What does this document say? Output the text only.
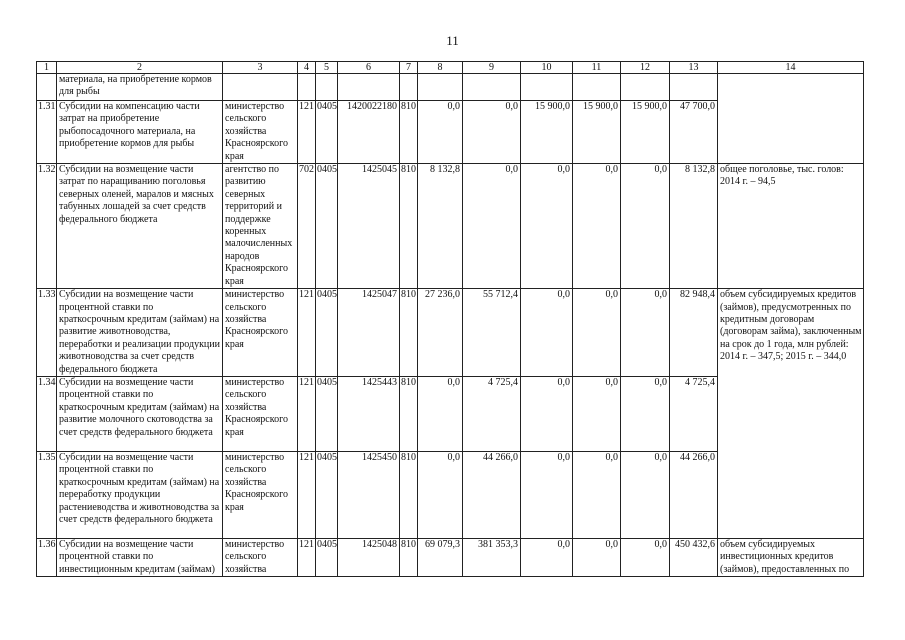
11
1	2	3	4	5	6	7	8	9	10	11	12	13	14
	материала, на приобретение кормов для рыбы												
1.31	Субсидии на компенсацию части затрат на приобретение рыбопосадочного материала, на приобретение кормов для рыбы	министерство сельского хозяйства Красноярского края	121	0405	1420022180	810	0,0	0,0	15 900,0	15 900,0	15 900,0	47 700,0	
1.32	Субсидии на возмещение части затрат по наращиванию поголовья северных оленей, маралов и мясных табунных лошадей за счет средств федерального бюджета	агентство по развитию северных территорий и поддержке коренных малочисленных народов Красноярского края	702	0405	1425045	810	8 132,8	0,0	0,0	0,0	0,0	8 132,8	общее поголовье, тыс. голов: 2014 г. – 94,5
1.33	Субсидии на возмещение части процентной ставки по краткосрочным кредитам (займам) на развитие животноводства, переработки и реализации продукции животноводства за счет средств федерального бюджета	министерство сельского хозяйства Красноярского края	121	0405	1425047	810	27 236,0	55 712,4	0,0	0,0	0,0	82 948,4	объем субсидируемых кредитов (займов), предусмотренных по кредитным договорам (договорам займа), заключенным на срок до 1 года, млн рублей: 2014 г. – 347,5; 2015 г. – 344,0
1.34	Субсидии на возмещение части процентной ставки по краткосрочным кредитам (займам) на развитие молочного скотоводства за счет средств федерального бюджета	министерство сельского хозяйства Красноярского края	121	0405	1425443	810	0,0	4 725,4	0,0	0,0	0,0	4 725,4	
1.35	Субсидии на возмещение части процентной ставки по краткосрочным кредитам (займам) на переработку продукции растениеводства и животноводства за счет средств федерального бюджета	министерство сельского хозяйства Красноярского края	121	0405	1425450	810	0,0	44 266,0	0,0	0,0	0,0	44 266,0	
1.36	Субсидии на возмещение части процентной ставки по инвестиционным кредитам (займам)	министерство сельского хозяйства	121	0405	1425048	810	69 079,3	381 353,3	0,0	0,0	0,0	450 432,6	объем субсидируемых инвестиционных кредитов (займов), предоставленных по
